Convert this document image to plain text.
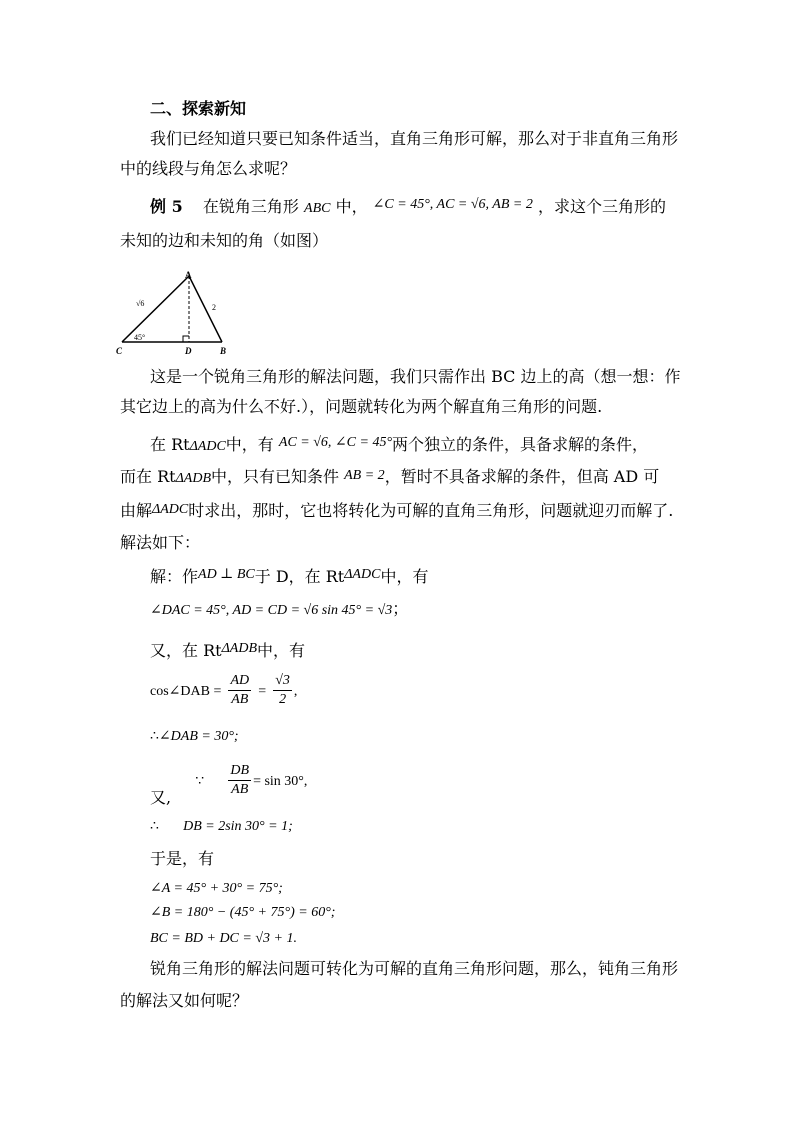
二、探索新知
我们已经知道只要已知条件适当，直角三角形可解，那么对于非直角三角形
中的线段与角怎么求呢？
例 5 在锐角三角形 ABC 中， ∠C = 45°, AC = √6, AB = 2 ，求这个三角形的
未知的边和未知的角（如图）
A
B
C	D
√6	2
45°
这是一个锐角三角形的解法问题，我们只需作出 BC 边上的高（想一想：作
其它边上的高为什么不好.），问题就转化为两个解直角三角形的问题.
在 RtΔADC中，有 AC = √6, ∠C = 45°两个独立的条件，具备求解的条件，
而在 RtΔADB中，只有已知条件 AB = 2，暂时不具备求解的条件，但高 AD 可
由解ΔADC时求出，那时，它也将转化为可解的直角三角形，问题就迎刃而解了.
解法如下：
解：作AD ⊥ BC于 D，在 RtΔADC中，有
∠DAC = 45°, AD = CD = √6 sin 45° = √3；
又，在 RtΔADB中，有
cos∠DAB = $\frac{AD}{AB} = \frac{√3}{2}$ ,
∴∠DAB = 30°;
又,  ∵ $\frac{DB}{AB} = \sin 30^\circ$,
∴ DB = 2sin 30° = 1;
于是，有
∠A = 45° + 30° = 75°;
∠B = 180° − (45° + 75°) = 60°;
BC = BD + DC = √3 + 1.
锐角三角形的解法问题可转化为可解的直角三角形问题，那么，钝角三角形
的解法又如何呢？
